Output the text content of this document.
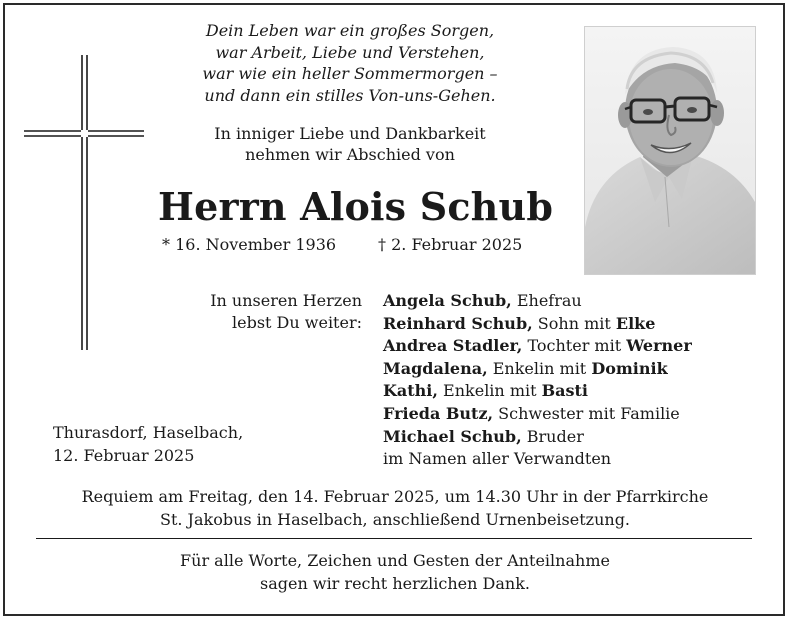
Dein Leben war ein großes Sorgen,
war Arbeit, Liebe und Verstehen,
war wie ein heller Sommermorgen –
und dann ein stilles Von-uns-Gehen.
In inniger Liebe und Dankbarkeit
nehmen wir Abschied von
Herrn Alois Schub
* 16. November 1936	† 2. Februar 2025
In unseren Herzen
lebst Du weiter:
Angela Schub, Ehefrau
Reinhard Schub, Sohn mit Elke
Andrea Stadler, Tochter mit Werner
Magdalena, Enkelin mit Dominik
Kathi, Enkelin mit Basti
Frieda Butz, Schwester mit Familie
Michael Schub, Bruder
im Namen aller Verwandten
Thurasdorf, Haselbach,
12. Februar 2025
Requiem am Freitag, den 14. Februar 2025, um 14.30 Uhr in der Pfarrkirche
St. Jakobus in Haselbach, anschließend Urnenbeisetzung.
Für alle Worte, Zeichen und Gesten der Anteilnahme
sagen wir recht herzlichen Dank.
